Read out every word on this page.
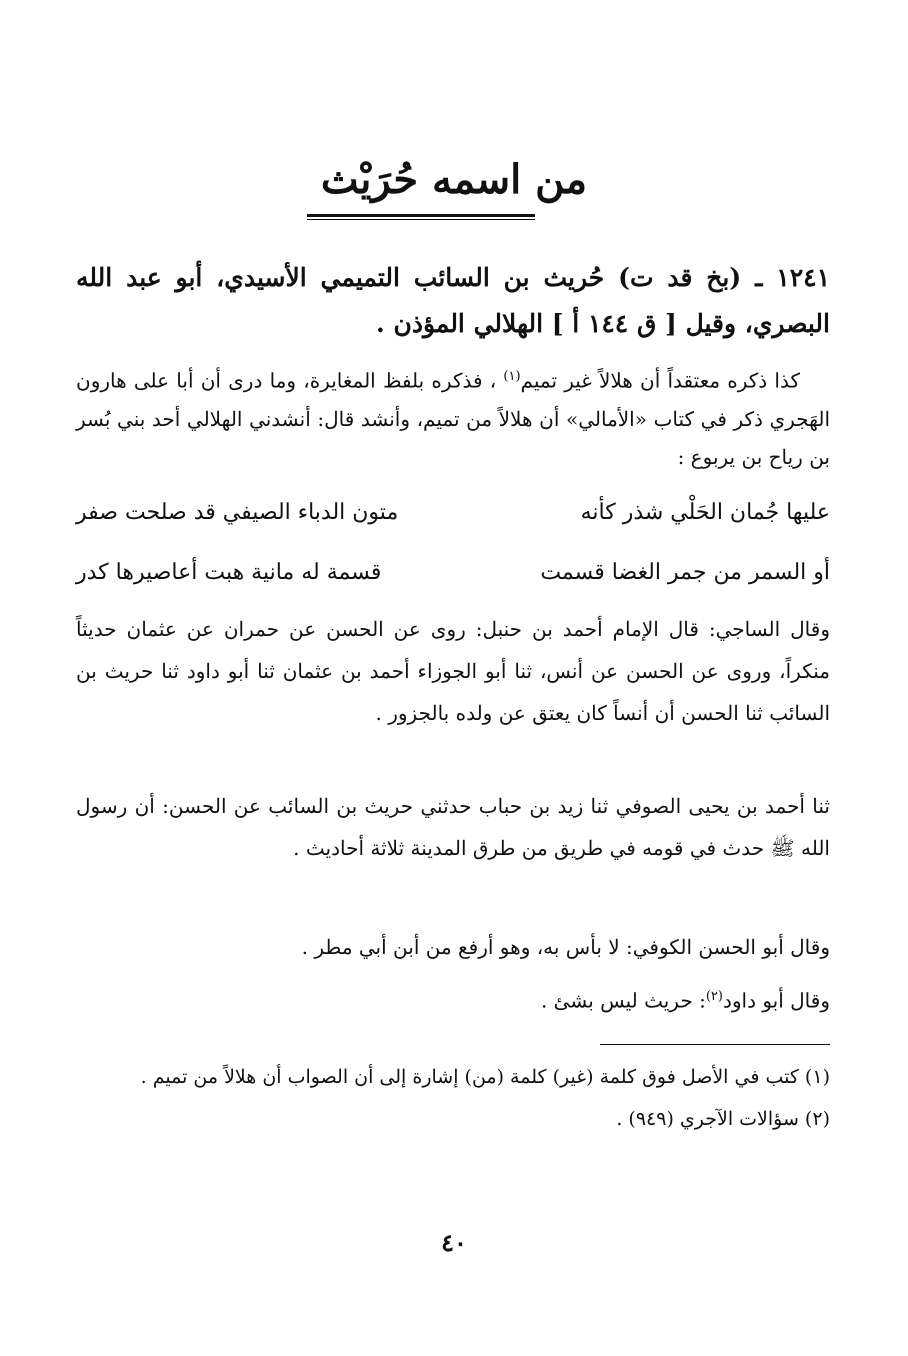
من اسمه حُرَيْث
١٢٤١ ـ (بخ قد ت) حُريث بن السائب التميمي الأسيدي، أبو عبد الله البصري، وقيل [ ق ١٤٤ أ ] الهلالي المؤذن .

كذا ذكره معتقداً أن هلالاً غير تميم$^{(١)}$ ، فذكره بلفظ المغايرة، وما درى أن أبا على هارون الهَجري ذكر في كتاب «الأمالي» أن هلالاً من تميم، وأنشد قال: أنشدني الهلالي أحد بني بُسر بن رياح بن يربوع :

عليها جُمان الحَلْي شذر كأنه
متون الدباء الصيفي قد صلحت صفر
أو السمر من جمر الغضا قسمت
قسمة له مانية هبت أعاصيرها كدر

وقال الساجي: قال الإمام أحمد بن حنبل: روى عن الحسن عن حمران عن عثمان حديثاً منكراً، وروى عن الحسن عن أنس، ثنا أبو الجوزاء أحمد بن عثمان ثنا أبو داود ثنا حريث بن السائب ثنا الحسن أن أنساً كان يعتق عن ولده بالجزور .

ثنا أحمد بن يحيى الصوفي ثنا زيد بن حباب حدثني حريث بن السائب عن الحسن: أن رسول الله ﷺ حدث في قومه في طريق من طرق المدينة ثلاثة أحاديث .

وقال أبو الحسن الكوفي: لا بأس به، وهو أرفع من أبن أبي مطر .

وقال أبو داود$^{(٢)}$: حريث ليس بشئ .

(١) كتب في الأصل فوق كلمة (غير) كلمة (من) إشارة إلى أن الصواب أن هلالاً من تميم .
(٢) سؤالات الآجري (٩٤٩) .
٤٠
